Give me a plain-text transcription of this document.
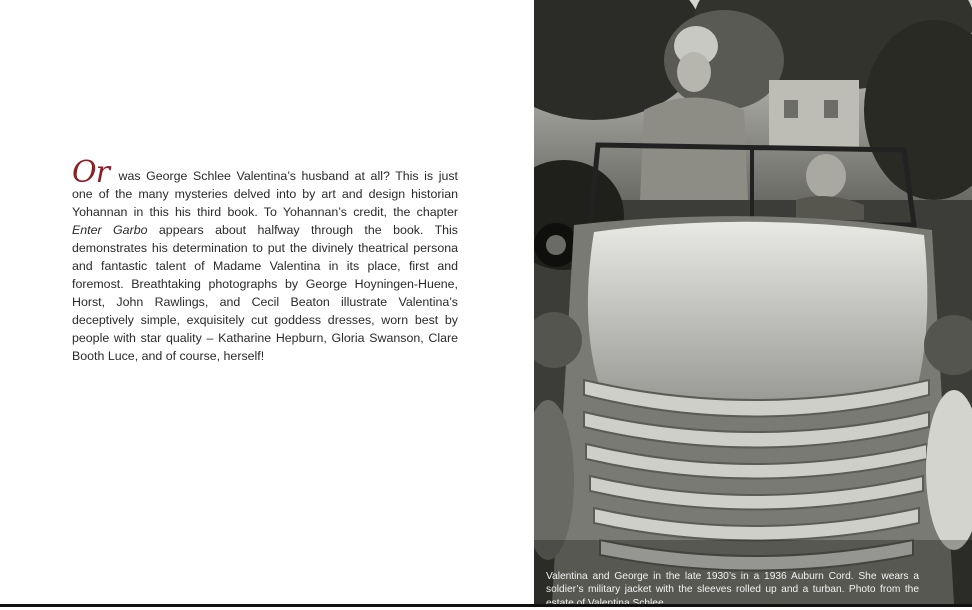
Or was George Schlee Valentina’s husband at all? This is just one of the many mysteries delved into by art and design historian Yohannan in this his third book. To Yohannan’s credit, the chapter Enter Garbo appears about halfway through the book. This demonstrates his determination to put the divinely theatrical persona and fantastic talent of Madame Valentina in its place, first and foremost. Breathtaking photographs by George Hoyningen-Huene, Horst, John Rawlings, and Cecil Beaton illustrate Valentina’s deceptively simple, exquisitely cut goddess dresses, worn best by people with star quality – Katharine Hepburn, Gloria Swanson, Clare Booth Luce, and of course, herself!

Valentina and George in the late 1930’s in a 1936 Auburn Cord. She wears a soldier’s military jacket with the sleeves rolled up and a turban. Photo from the
